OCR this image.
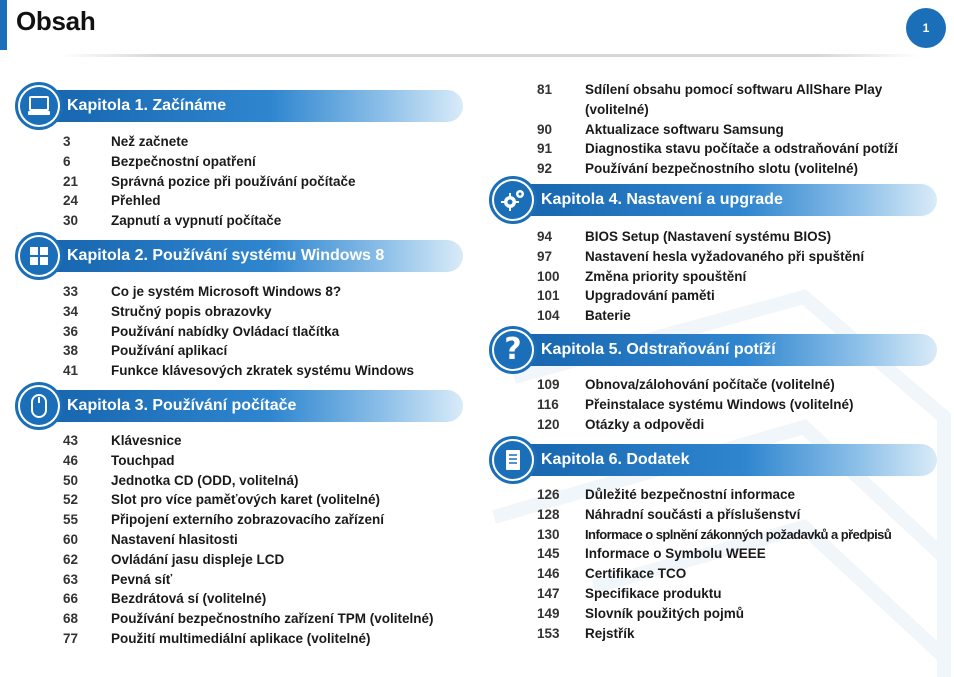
Obsah	1
81	Sdílení obsahu pomocí softwaru AllShare Play (volitelné)
90	Aktualizace softwaru Samsung
91	Diagnostika stavu počítače a odstraňování potíží
92	Používání bezpečnostního slotu (volitelné)
Kapitola 1. Začínáme
3	Než začnete
6	Bezpečnostní opatření
21	Správná pozice při používání počítače
24	Přehled
30	Zapnutí a vypnutí počítače
Kapitola 2. Používání systému Windows 8
33	Co je systém Microsoft Windows 8?
34	Stručný popis obrazovky
36	Používání nabídky Ovládací tlačítka
38	Používání aplikací
41	Funkce klávesových zkratek systému Windows
Kapitola 3. Používání počítače
43	Klávesnice
46	Touchpad
50	Jednotka CD (ODD, volitelná)
52	Slot pro více paměťových karet (volitelné)
55	Připojení externího zobrazovacího zařízení
60	Nastavení hlasitosti
62	Ovládání jasu displeje LCD
63	Pevná síť
66	Bezdrátová sí (volitelné)
68	Používání bezpečnostního zařízení TPM (volitelné)
77	Použití multimediální aplikace (volitelné)
Kapitola 4. Nastavení a upgrade
94	BIOS Setup (Nastavení systému BIOS)
97	Nastavení hesla vyžadovaného při spuštění
100	Změna priority spouštění
101	Upgradování paměti
104	Baterie
Kapitola 5. Odstraňování potíží
?
109	Obnova/zálohování počítače (volitelné)
116	Přeinstalace systému Windows (volitelné)
120	Otázky a odpovědi
Kapitola 6. Dodatek
126	Důležité bezpečnostní informace
128	Náhradní součásti a příslušenství
130	Informace o splnění zákonných požadavků a předpisů
145	Informace o Symbolu WEEE
146	Certifikace TCO
147	Specifikace produktu
149	Slovník použitých pojmů
153	Rejstřík
